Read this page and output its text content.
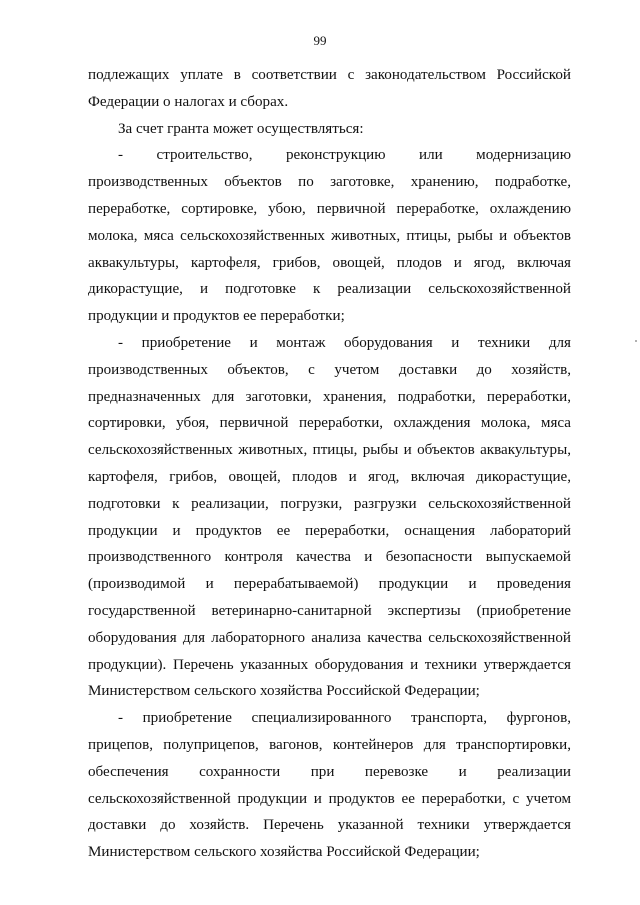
99

подлежащих уплате в соответствии с законодательством Российской Федерации о налогах и сборах.

За счет гранта может осуществляться:

- строительство, реконструкцию или модернизацию производственных объектов по заготовке, хранению, подработке, переработке, сортировке, убою, первичной переработке, охлаждению молока, мяса сельскохозяйственных животных, птицы, рыбы и объектов аквакультуры, картофеля, грибов, овощей, плодов и ягод, включая дикорастущие, и подготовке к реализации сельскохозяйственной продукции и продуктов ее переработки;

- приобретение и монтаж оборудования и техники для производственных объектов, с учетом доставки до хозяйств, предназначенных для заготовки, хранения, подработки, переработки, сортировки, убоя, первичной переработки, охлаждения молока, мяса сельскохозяйственных животных, птицы, рыбы и объектов аквакультуры, картофеля, грибов, овощей, плодов и ягод, включая дикорастущие, подготовки к реализации, погрузки, разгрузки сельскохозяйственной продукции и продуктов ее переработки, оснащения лабораторий производственного контроля качества и безопасности выпускаемой (производимой и перерабатываемой) продукции и проведения государственной ветеринарно-санитарной экспертизы (приобретение оборудования для лабораторного анализа качества сельскохозяйственной продукции). Перечень указанных оборудования и техники утверждается Министерством сельского хозяйства Российской Федерации;

- приобретение специализированного транспорта, фургонов, прицепов, полуприцепов, вагонов, контейнеров для транспортировки, обеспечения сохранности при перевозке и реализации сельскохозяйственной продукции и продуктов ее переработки, с учетом доставки до хозяйств. Перечень указанной техники утверждается Министерством сельского хозяйства Российской Федерации;
